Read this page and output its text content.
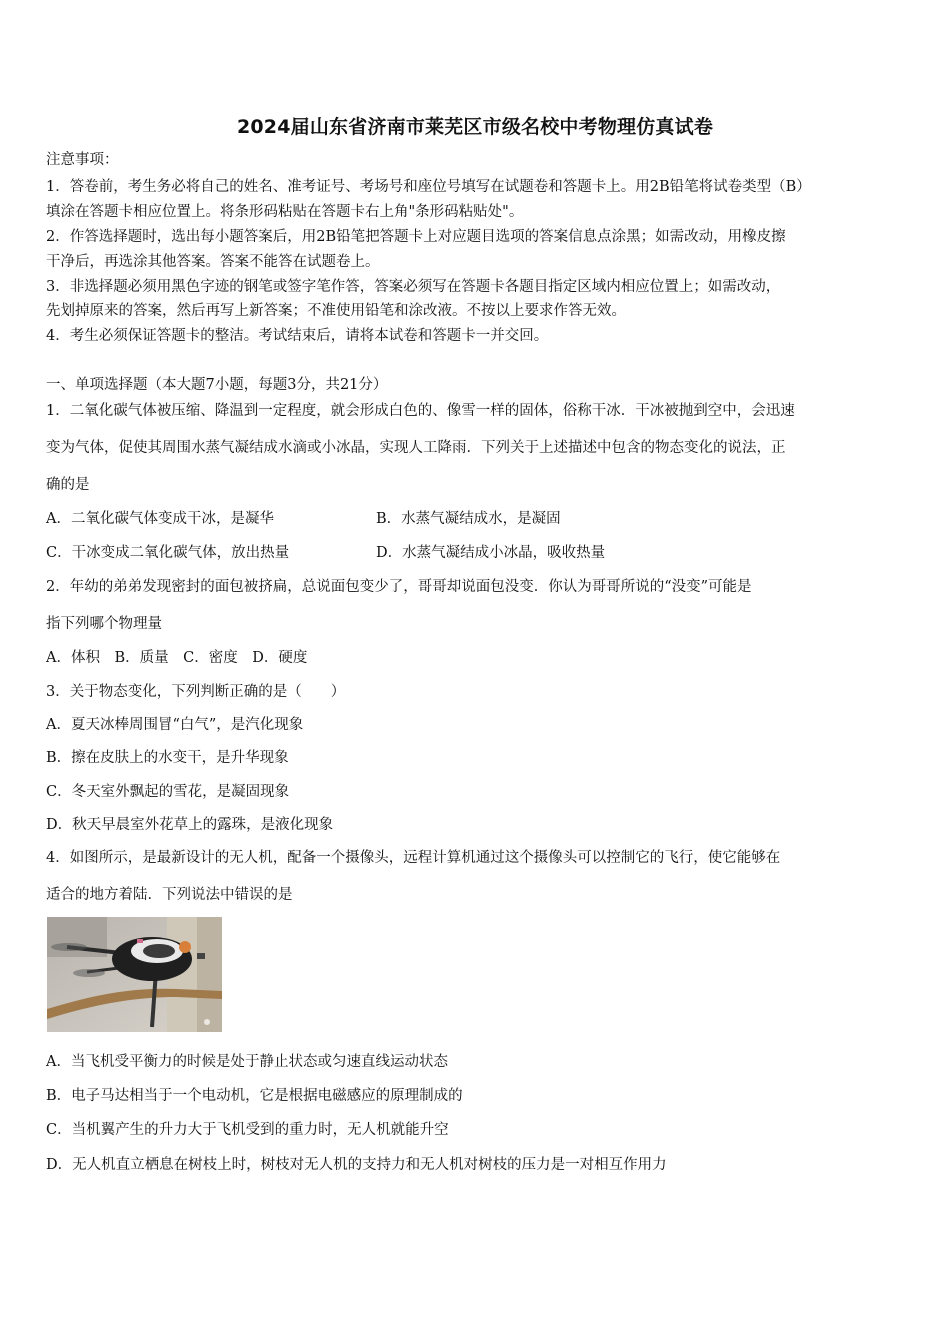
2024届山东省济南市莱芜区市级名校中考物理仿真试卷
注意事项：
1．答卷前，考生务必将自己的姓名、准考证号、考场号和座位号填写在试题卷和答题卡上。用2B铅笔将试卷类型（B）
填涂在答题卡相应位置上。将条形码粘贴在答题卡右上角"条形码粘贴处"。
2．作答选择题时，选出每小题答案后，用2B铅笔把答题卡上对应题目选项的答案信息点涂黑；如需改动，用橡皮擦
干净后，再选涂其他答案。答案不能答在试题卷上。
3．非选择题必须用黑色字迹的钢笔或签字笔作答，答案必须写在答题卡各题目指定区域内相应位置上；如需改动，
先划掉原来的答案，然后再写上新答案；不准使用铅笔和涂改液。不按以上要求作答无效。
4．考生必须保证答题卡的整洁。考试结束后，请将本试卷和答题卡一并交回。
一、单项选择题（本大题7小题，每题3分，共21分）
1．二氧化碳气体被压缩、降温到一定程度，就会形成白色的、像雪一样的固体，俗称干冰．干冰被抛到空中，会迅速
变为气体，促使其周围水蒸气凝结成水滴或小冰晶，实现人工降雨．下列关于上述描述中包含的物态变化的说法，正
确的是
A．二氧化碳气体变成干冰，是凝华	B．水蒸气凝结成水，是凝固
C．干冰变成二氧化碳气体，放出热量	D．水蒸气凝结成小冰晶，吸收热量
2．年幼的弟弟发现密封的面包被挤扁，总说面包变少了，哥哥却说面包没变．你认为哥哥所说的“没变”可能是
指下列哪个物理量
A．体积　B．质量　C．密度　D．硬度
3．关于物态变化，下列判断正确的是（　　）
A．夏天冰棒周围冒“白气”，是汽化现象
B．擦在皮肤上的水变干，是升华现象
C．冬天室外飘起的雪花，是凝固现象
D．秋天早晨室外花草上的露珠，是液化现象
4．如图所示，是最新设计的无人机，配备一个摄像头，远程计算机通过这个摄像头可以控制它的飞行，使它能够在
适合的地方着陆．下列说法中错误的是
A．当飞机受平衡力的时候是处于静止状态或匀速直线运动状态
B．电子马达相当于一个电动机，它是根据电磁感应的原理制成的
C．当机翼产生的升力大于飞机受到的重力时，无人机就能升空
D．无人机直立栖息在树枝上时，树枝对无人机的支持力和无人机对树枝的压力是一对相互作用力
